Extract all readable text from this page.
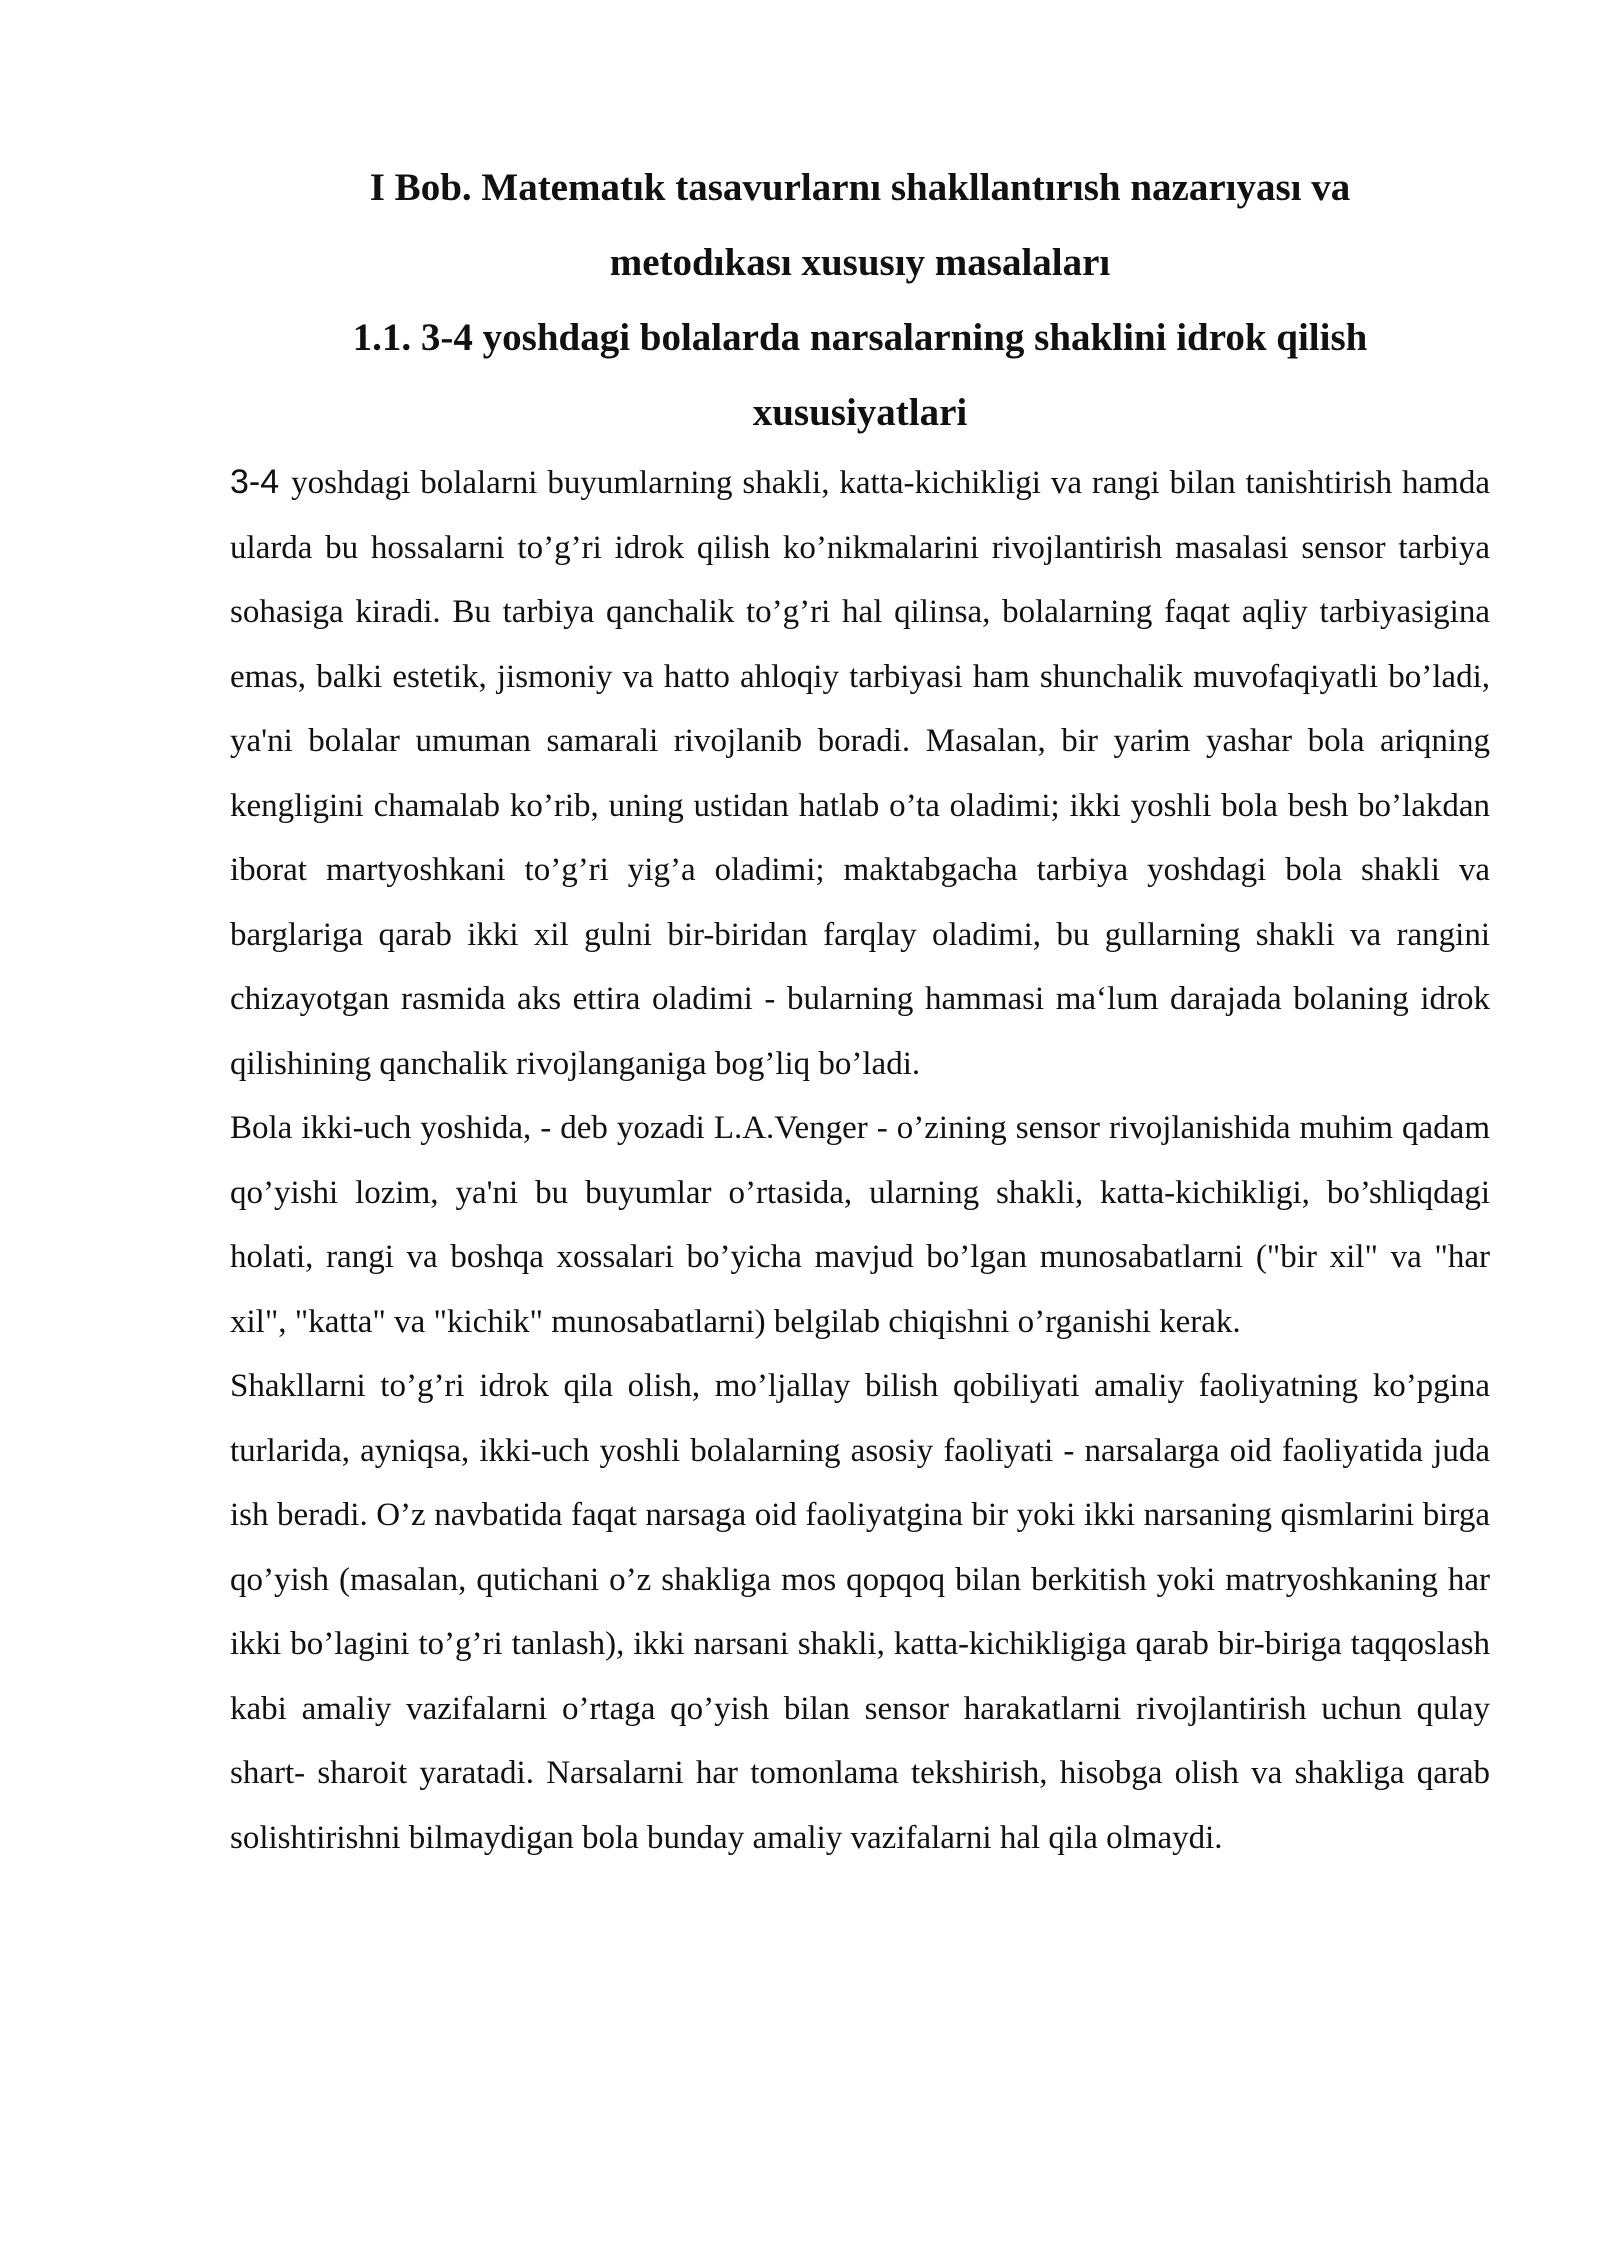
I Bob. Matematık tasavurlarnı shakllantırısh nazarıyası va

metodıkası xususıy masalaları

1.1. 3-4 yoshdagi bolalarda narsalarning shaklini idrok qilish

xususiyatlari

3-4 yoshdagi bolalarni buyumlarning shakli, katta-kichikligi va rangi bilan tanishtirish hamda ularda bu hossalarni to’g’ri idrok qilish ko’nikmalarini rivojlantirish masalasi sensor tarbiya sohasiga kiradi. Bu tarbiya qanchalik to’g’ri hal qilinsa, bolalarning faqat aqliy tarbiyasigina emas, balki estetik, jismoniy va hatto ahloqiy tarbiyasi ham shunchalik muvofaqiyatli bo’ladi, ya'ni bolalar umuman samarali rivojlanib boradi. Masalan, bir yarim yashar bola ariqning kengligini chamalab ko’rib, uning ustidan hatlab o’ta oladimi; ikki yoshli bola besh bo’lakdan iborat martyoshkani to’g’ri yig’a oladimi; maktabgacha tarbiya yoshdagi bola shakli va barglariga qarab ikki xil gulni bir-biridan farqlay oladimi, bu gullarning shakli va rangini chizayotgan rasmida aks ettira oladimi - bularning hammasi ma‘lum darajada bolaning idrok qilishining qanchalik rivojlanganiga bog’liq bo’ladi.

Bola ikki-uch yoshida, - deb yozadi L.A.Venger - o’zining sensor rivojlanishida muhim qadam qo’yishi lozim, ya'ni bu buyumlar o’rtasida, ularning shakli, katta-kichikligi, bo’shliqdagi holati, rangi va boshqa xossalari bo’yicha mavjud bo’lgan munosabatlarni ("bir xil" va "har xil", "katta" va "kichik" munosabatlarni) belgilab chiqishni o’rganishi kerak.

Shakllarni to’g’ri idrok qila olish, mo’ljallay bilish qobiliyati amaliy faoliyatning ko’pgina turlarida, ayniqsa, ikki-uch yoshli bolalarning asosiy faoliyati - narsalarga oid faoliyatida juda ish beradi. O’z navbatida faqat narsaga oid faoliyatgina bir yoki ikki narsaning qismlarini birga qo’yish (masalan, qutichani o’z shakliga mos qopqoq bilan berkitish yoki matryoshkaning har ikki bo’lagini to’g’ri tanlash), ikki narsani shakli, katta-kichikligiga qarab bir-biriga taqqoslash kabi amaliy vazifalarni o’rtaga qo’yish bilan sensor harakatlarni rivojlantirish uchun qulay shart- sharoit yaratadi. Narsalarni har tomonlama tekshirish, hisobga olish va shakliga qarab solishtirishni bilmaydigan bola bunday amaliy vazifalarni hal qila olmaydi.
